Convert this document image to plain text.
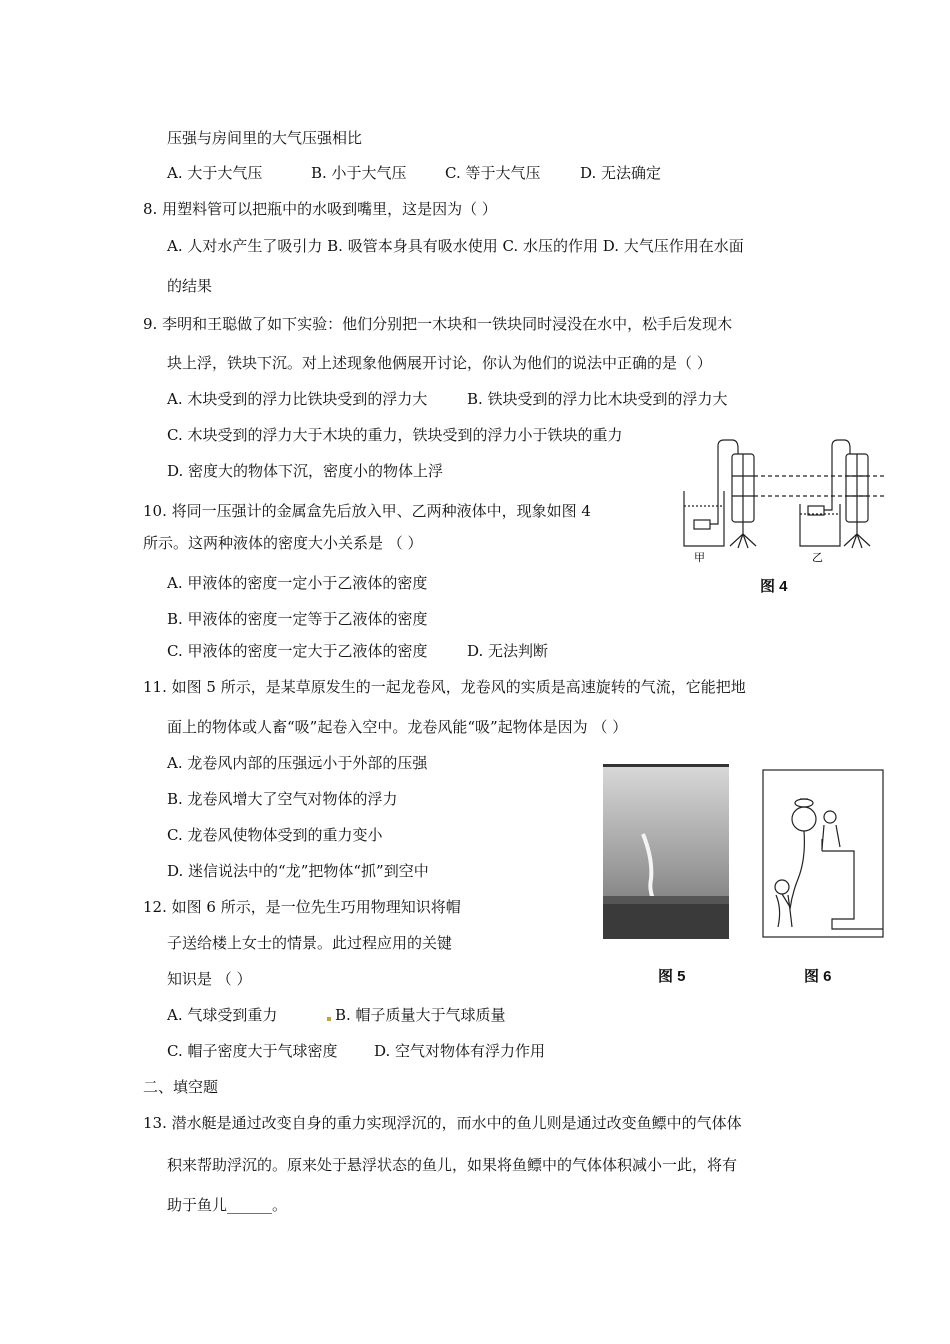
压强与房间里的大气压强相比
A. 大于大气压	B. 小于大气压	C. 等于大气压	D. 无法确定
8. 用塑料管可以把瓶中的水吸到嘴里，这是因为（ ）
A. 人对水产生了吸引力 B. 吸管本身具有吸水使用 C. 水压的作用 D. 大气压作用在水面
的结果
9. 李明和王聪做了如下实验：他们分别把一木块和一铁块同时浸没在水中，松手后发现木
块上浮，铁块下沉。对上述现象他俩展开讨论，你认为他们的说法中正确的是（ ）
A. 木块受到的浮力比铁块受到的浮力大	B. 铁块受到的浮力比木块受到的浮力大
C. 木块受到的浮力大于木块的重力，铁块受到的浮力小于铁块的重力
D. 密度大的物体下沉，密度小的物体上浮
10. 将同一压强计的金属盒先后放入甲、乙两种液体中，现象如图 4
所示。这两种液体的密度大小关系是 （ ）
A. 甲液体的密度一定小于乙液体的密度
B. 甲液体的密度一定等于乙液体的密度
C. 甲液体的密度一定大于乙液体的密度	D. 无法判断
11. 如图 5 所示，是某草原发生的一起龙卷风，龙卷风的实质是高速旋转的气流，它能把地
面上的物体或人畜“吸”起卷入空中。龙卷风能“吸”起物体是因为 （ ）
A. 龙卷风内部的压强远小于外部的压强
B. 龙卷风增大了空气对物体的浮力
C. 龙卷风使物体受到的重力变小
D. 迷信说法中的“龙”把物体“抓”到空中
12. 如图 6 所示，是一位先生巧用物理知识将帽
子送给楼上女士的情景。此过程应用的关键
知识是 （ ）
A. 气球受到重力	B. 帽子质量大于气球质量
C. 帽子密度大于气球密度 D. 空气对物体有浮力作用
二、填空题
13. 潜水艇是通过改变自身的重力实现浮沉的，而水中的鱼儿则是通过改变鱼鳔中的气体体
积来帮助浮沉的。原来处于悬浮状态的鱼儿，如果将鱼鳔中的气体体积减小一此，将有
助于鱼儿______。
甲	乙
图 4
图 5	图 6
